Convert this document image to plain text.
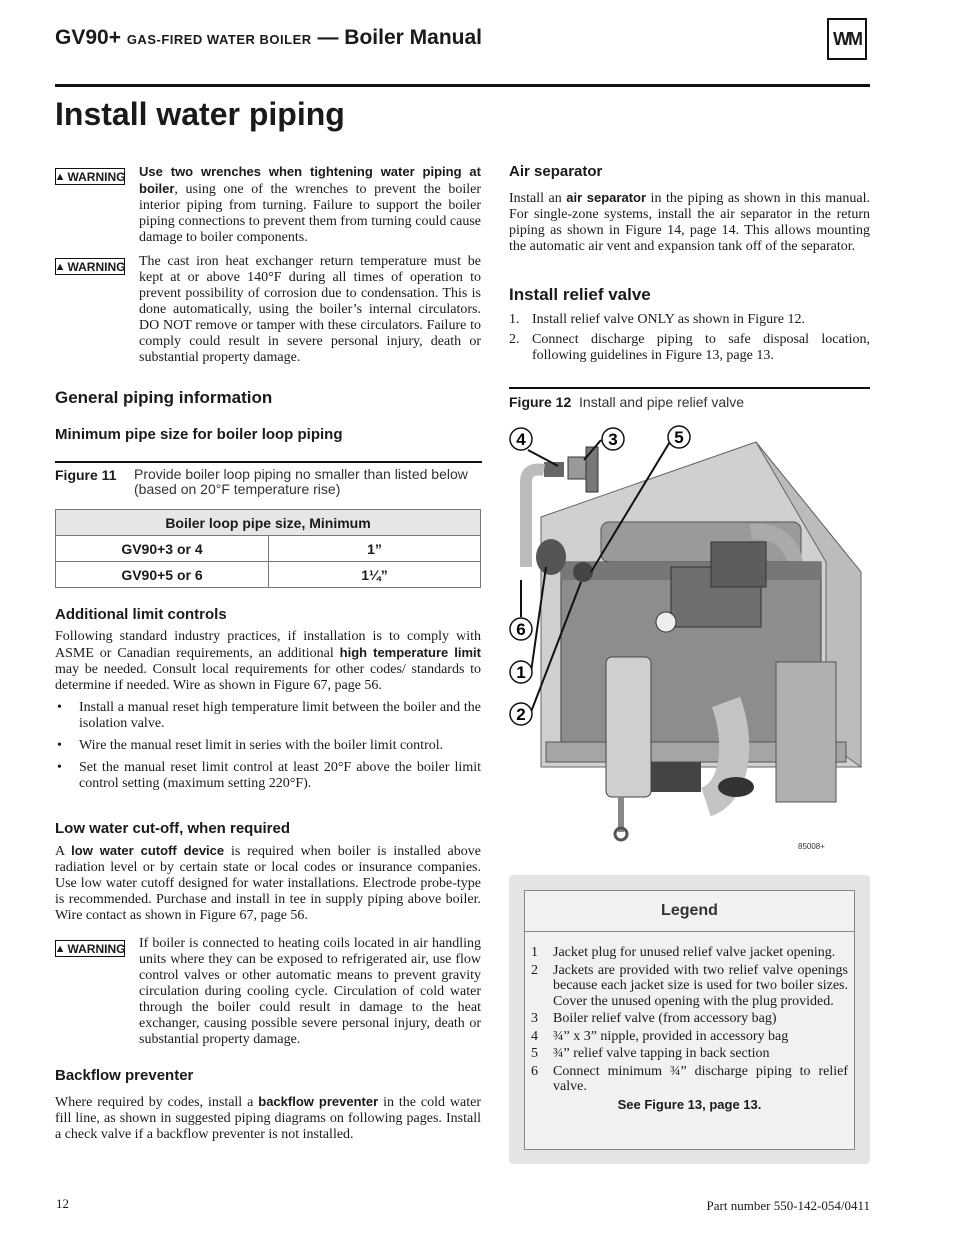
GV90+ GAS-FIRED WATER BOILER — Boiler Manual	WM
Install water piping
▲ WARNING Use two wrenches when tightening water piping at boiler, using one of the wrenches to prevent the boiler interior piping from turning. Failure to support the boiler piping connections to prevent them from turning could cause damage to boiler components.
▲ WARNING The cast iron heat exchanger return temperature must be kept at or above 140°F during all times of operation to prevent possibility of corrosion due to condensation. This is done automatically, using the boiler’s internal circulators. DO NOT remove or tamper with these circulators. Failure to comply could result in severe personal injury, death or substantial property damage.
General piping information
Minimum pipe size for boiler loop piping
Figure 11 Provide boiler loop piping no smaller than listed below (based on 20°F temperature rise)
Boiler loop pipe size, Minimum	
GV90+3 or 4	1”
GV90+5 or 6	1¼”
Additional limit controls
Following standard industry practices, if installation is to comply with ASME or Canadian requirements, an additional high temperature limit may be needed. Consult local requirements for other codes/ standards to determine if needed. Wire as shown in Figure 67, page 56.
• Install a manual reset high temperature limit between the boiler and the isolation valve.
• Wire the manual reset limit in series with the boiler limit control.
• Set the manual reset limit control at least 20°F above the boiler limit control setting (maximum setting 220°F).
Low water cut-off, when required
A low water cutoff device is required when boiler is installed above radiation level or by certain state or local codes or insurance companies. Use low water cutoff designed for water installations. Electrode probe-type is recommended. Purchase and install in tee in supply piping above boiler. Wire contact as shown in Figure 67, page 56.
▲ WARNING If boiler is connected to heating coils located in air handling units where they can be exposed to refrigerated air, use flow control valves or other automatic means to prevent gravity circulation during cooling cycle. Circulation of cold water through the boiler could result in damage to the heat exchanger, causing possible severe personal injury, death or substantial property damage.
Backflow preventer
Where required by codes, install a backflow preventer in the cold water fill line, as shown in suggested piping diagrams on following pages. Install a check valve if a backflow preventer is not installed.
Air separator
Install an air separator in the piping as shown in this manual. For single-zone systems, install the air separator in the return piping as shown in Figure 14, page 14. This allows mounting the automatic air vent and expansion tank off of the separator.
Install relief valve
1. Install relief valve ONLY as shown in Figure 12.
2. Connect discharge piping to safe disposal location, following guidelines in Figure 13, page 13.
Figure 12 Install and pipe relief valve
4	3	5
6
1
2
85008+
Legend
1	Jacket plug for unused relief valve jacket opening.
2	Jackets are provided with two relief valve openings because each jacket size is used for two boiler sizes. Cover the unused opening with the plug provided.
3	Boiler relief valve (from accessory bag)
4	¾” x 3” nipple, provided in accessory bag
5	¾” relief valve tapping in back section
6	Connect minimum ¾” discharge piping to relief valve.
See Figure 13, page 13.
12	Part number 550-142-054/0411
